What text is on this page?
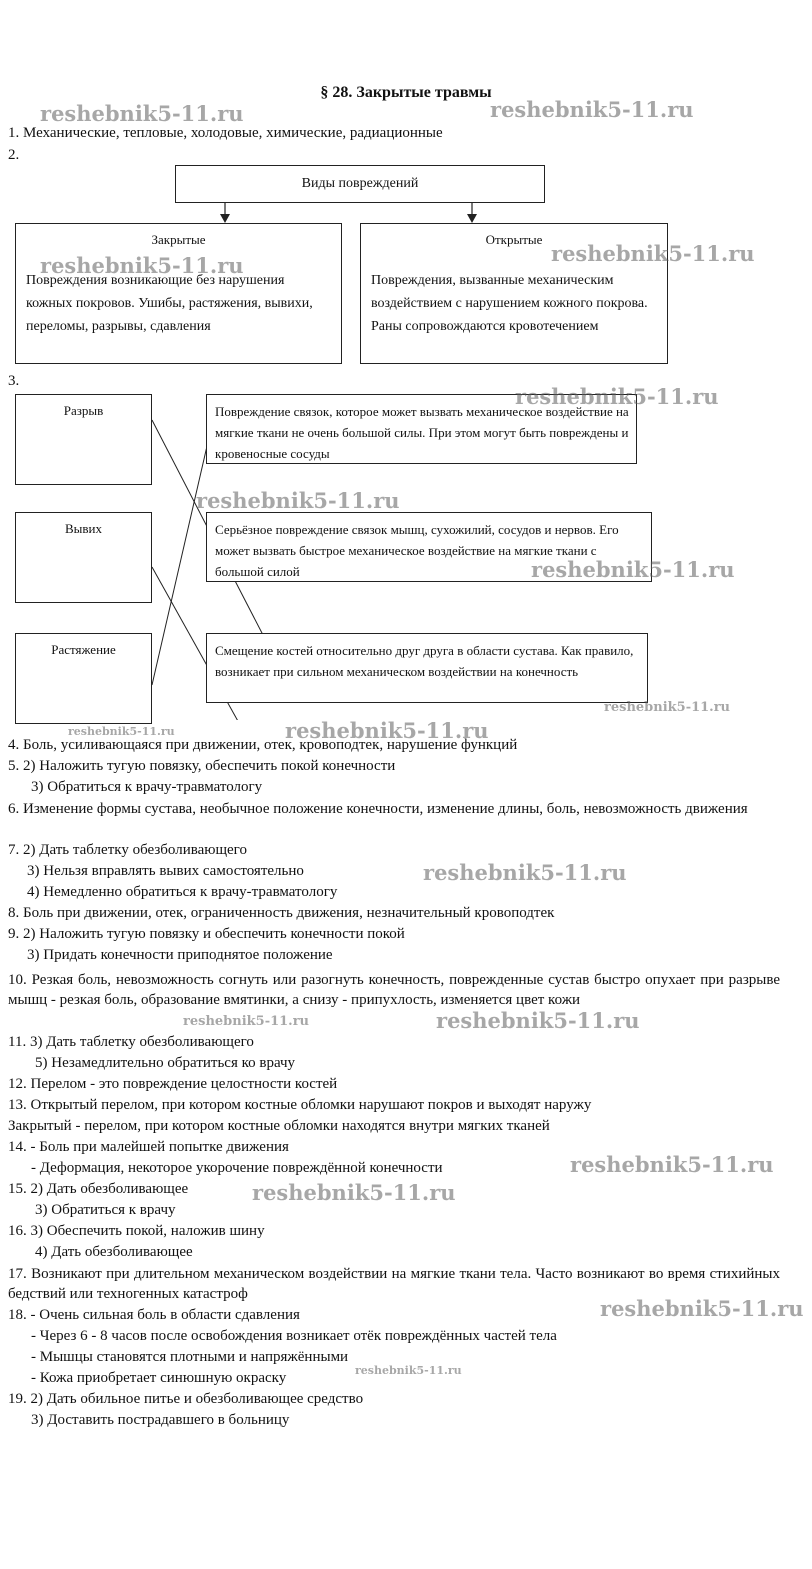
§ 28. Закрытые травмы
1. Механические, тепловые, холодовые, химические, радиационные
2.
Виды повреждений
Закрытые
Повреждения возникающие без нарушения кожных покровов. Ушибы, растяжения, вывихи, переломы, разрывы, сдавления
Открытые
Повреждения, вызванные механическим воздействием с нарушением кожного покрова. Раны сопровождаются кровотечением
3.
Разрыв
Вывих
Растяжение
Повреждение связок, которое может вызвать механическое воздействие на мягкие ткани не очень большой силы. При этом могут быть повреждены и кровеносные сосуды
Серьёзное повреждение связок мышц, сухожилий, сосудов и нервов. Его может вызвать быстрое механическое воздействие на мягкие ткани с большой силой
Смещение костей относительно друг друга в области сустава. Как правило, возникает при сильном механическом воздействии на конечность
4. Боль, усиливающаяся при движении, отек, кровоподтек, нарушение функций
5. 2) Наложить тугую повязку, обеспечить покой конечности
3) Обратиться к врачу-травматологу
6. Изменение формы сустава, необычное положение конечности, изменение длины, боль, невозможность движения
7. 2) Дать таблетку обезболивающего
3) Нельзя вправлять вывих самостоятельно
4) Немедленно обратиться к врачу-травматологу
8. Боль при движении, отек, ограниченность движения, незначительный кровоподтек
9. 2) Наложить тугую повязку и обеспечить конечности покой
3) Придать конечности приподнятое положение
10. Резкая боль, невозможность согнуть или разогнуть конечность, поврежденные сустав быстро опухает при разрыве мышц - резкая боль, образование вмятинки, а снизу - припухлость, изменяется цвет кожи
11. 3) Дать таблетку обезболивающего
5) Незамедлительно обратиться ко врачу
12. Перелом - это повреждение целостности костей
13. Открытый перелом, при котором костные обломки нарушают покров и выходят наружу
Закрытый - перелом, при котором костные обломки находятся внутри мягких тканей
14. - Боль при малейшей попытке движения
- Деформация, некоторое укорочение повреждённой конечности
15. 2) Дать обезболивающее
3) Обратиться к врачу
16. 3) Обеспечить покой, наложив шину
4) Дать обезболивающее
17. Возникают при длительном механическом воздействии на мягкие ткани тела. Часто возникают во время стихийных бедствий или техногенных катастроф
18. - Очень сильная боль в области сдавления
- Через 6 - 8 часов после освобождения возникает отёк повреждённых частей тела
- Мышцы становятся плотными и напряжёнными
- Кожа приобретает синюшную окраску
19. 2) Дать обильное питье и обезболивающее средство
3) Доставить пострадавшего в больницу
reshebnik5-11.ru	reshebnik5-11.ru
reshebnik5-11.ru
reshebnik5-11.ru
reshebnik5-11.ru
reshebnik5-11.ru
reshebnik5-11.ru
reshebnik5-11.ru
reshebnik5-11.ru
reshebnik5-11.ru
reshebnik5-11.ru
reshebnik5-11.ru	reshebnik5-11.ru
reshebnik5-11.ru
reshebnik5-11.ru
reshebnik5-11.ru
reshebnik5-11.ru
